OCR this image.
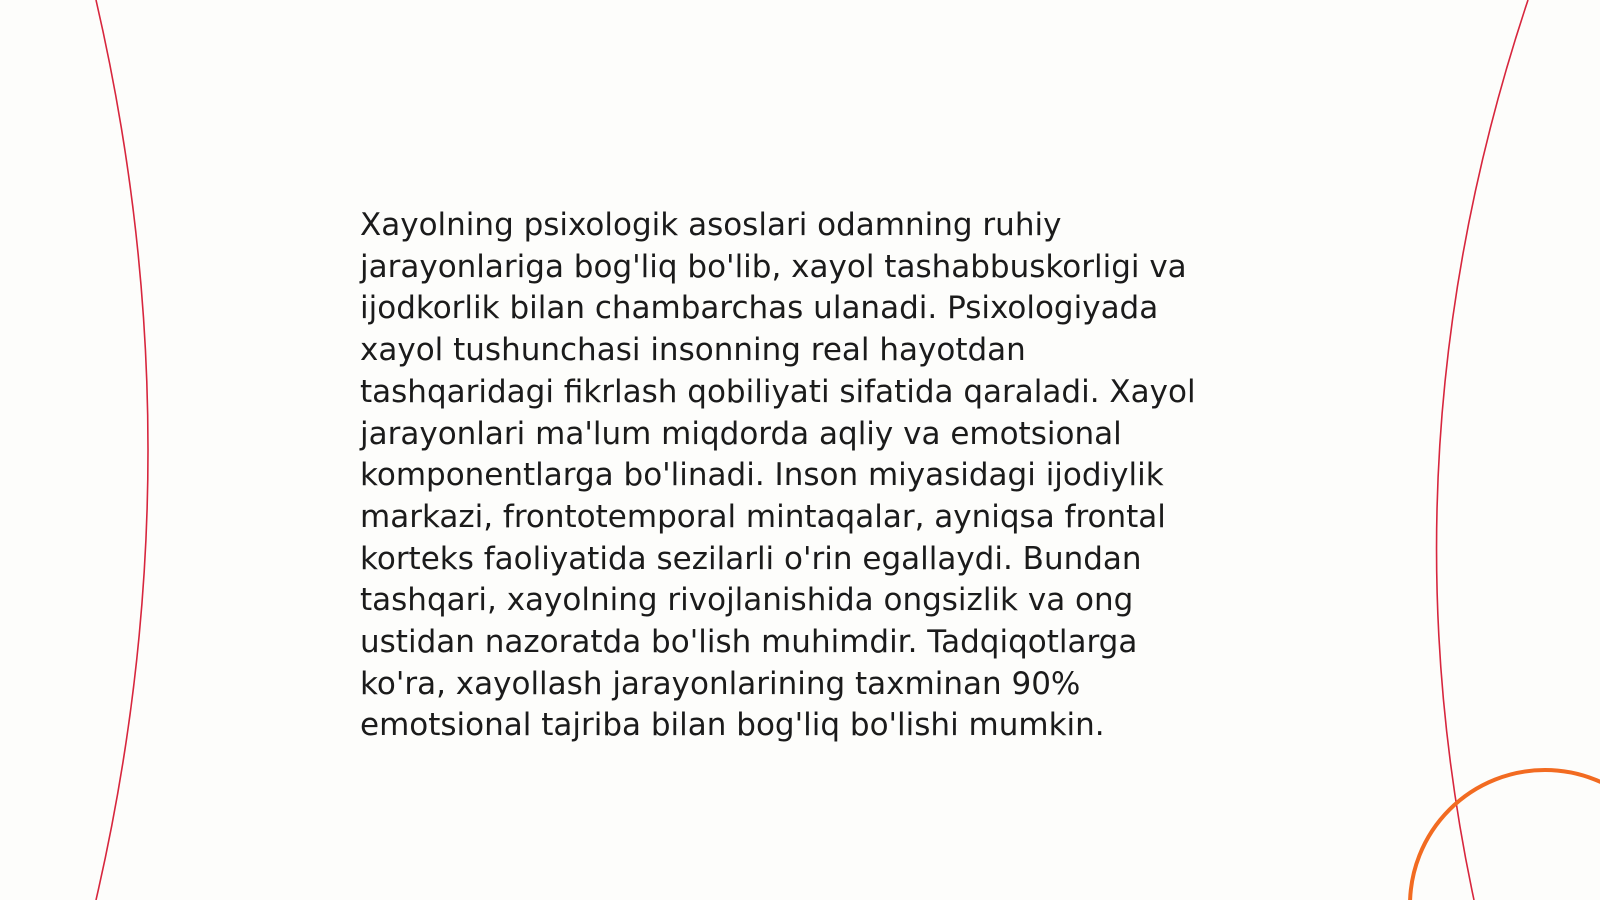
Xayolning psixologik asoslari odamning ruhiy
jarayonlariga bog'liq bo'lib, xayol tashabbuskorligi va
ijodkorlik bilan chambarchas ulanadi. Psixologiyada
xayol tushunchasi insonning real hayotdan
tashqaridagi fikrlash qobiliyati sifatida qaraladi. Xayol
jarayonlari ma'lum miqdorda aqliy va emotsional
komponentlarga bo'linadi. Inson miyasidagi ijodiylik
markazi, frontotemporal mintaqalar, ayniqsa frontal
korteks faoliyatida sezilarli o'rin egallaydi. Bundan
tashqari, xayolning rivojlanishida ongsizlik va ong
ustidan nazoratda bo'lish muhimdir. Tadqiqotlarga
ko'ra, xayollash jarayonlarining taxminan 90%
emotsional tajriba bilan bog'liq bo'lishi mumkin.
